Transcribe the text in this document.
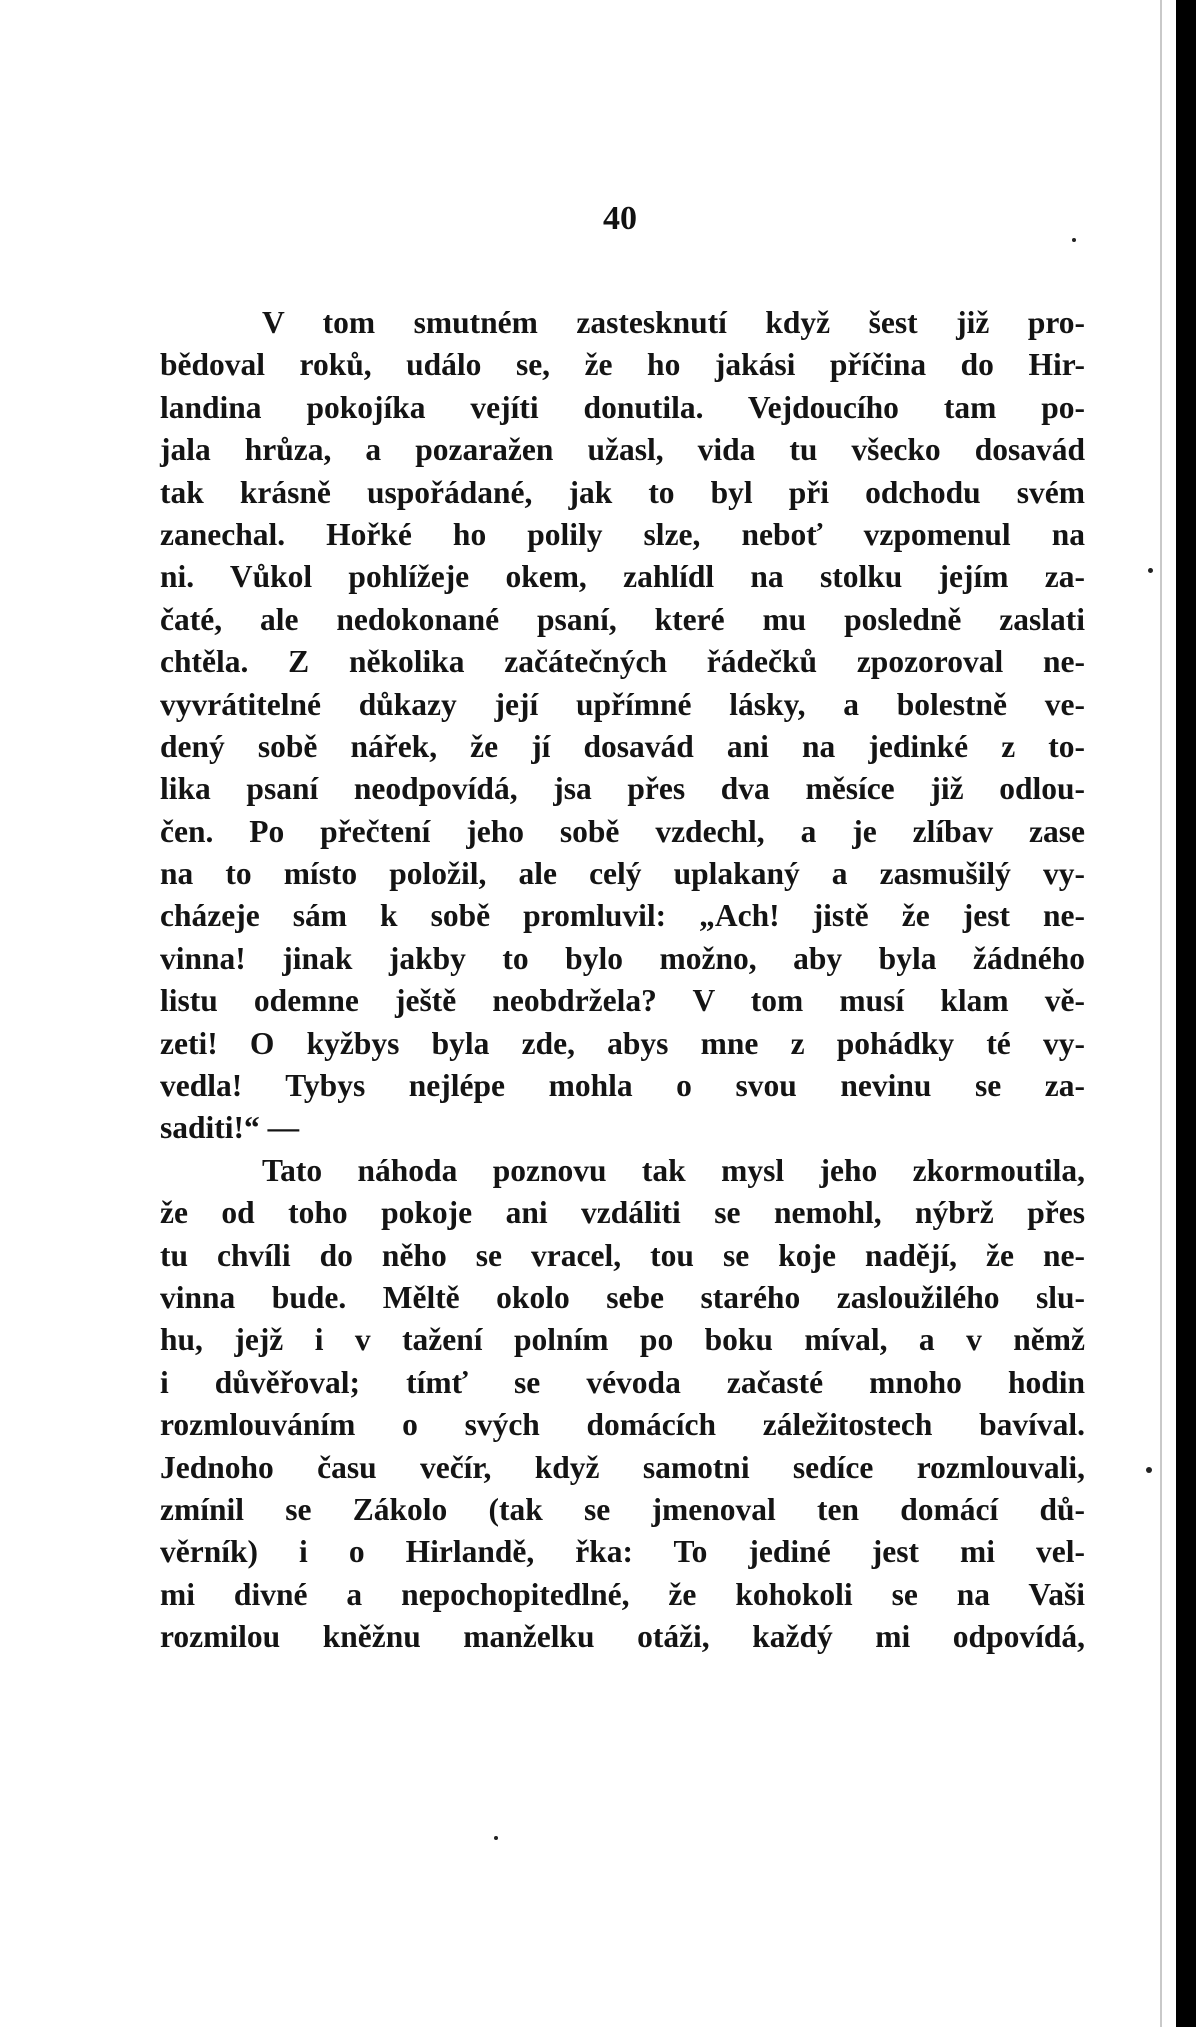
40
V tom smutném zastesknutí když šest již pro-
bědoval roků, událo se, že ho jakási příčina do Hir-
landina pokojíka vejíti donutila. Vejdoucího tam po-
jala hrůza, a pozaražen užasl, vida tu všecko dosavád
tak krásně uspořádané, jak to byl při odchodu svém
zanechal. Hořké ho polily slze, neboť vzpomenul na
ni. Vůkol pohlížeje okem, zahlídl na stolku jejím za-
čaté, ale nedokonané psaní, které mu posledně zaslati
chtěla. Z několika začátečných řádečků zpozoroval ne-
vyvrátitelné důkazy její upřímné lásky, a bolestně ve-
dený sobě nářek, že jí dosavád ani na jedinké z to-
lika psaní neodpovídá, jsa přes dva měsíce již odlou-
čen. Po přečtení jeho sobě vzdechl, a je zlíbav zase
na to místo položil, ale celý uplakaný a zasmušilý vy-
cházeje sám k sobě promluvil: „Ach! jistě že jest ne-
vinna! jinak jakby to bylo možno, aby byla žádného
listu odemne ještě neobdržela? V tom musí klam vě-
zeti! O kyžbys byla zde, abys mne z pohádky té vy-
vedla! Tybys nejlépe mohla o svou nevinu se za-
saditi!“ —
Tato náhoda poznovu tak mysl jeho zkormoutila,
že od toho pokoje ani vzdáliti se nemohl, nýbrž přes
tu chvíli do něho se vracel, tou se koje nadějí, že ne-
vinna bude. Měltě okolo sebe starého zasloužilého slu-
hu, jejž i v tažení polním po boku míval, a v němž
i důvěřoval; tímť se vévoda začasté mnoho hodin
rozmlouváním o svých domácích záležitostech bavíval.
Jednoho času večír, když samotni sedíce rozmlouvali,
zmínil se Zákolo (tak se jmenoval ten domácí dů-
věrník) i o Hirlandě, řka: To jediné jest mi vel-
mi divné a nepochopitedlné, že kohokoli se na Vaši
rozmilou kněžnu manželku otáži, každý mi odpovídá,
